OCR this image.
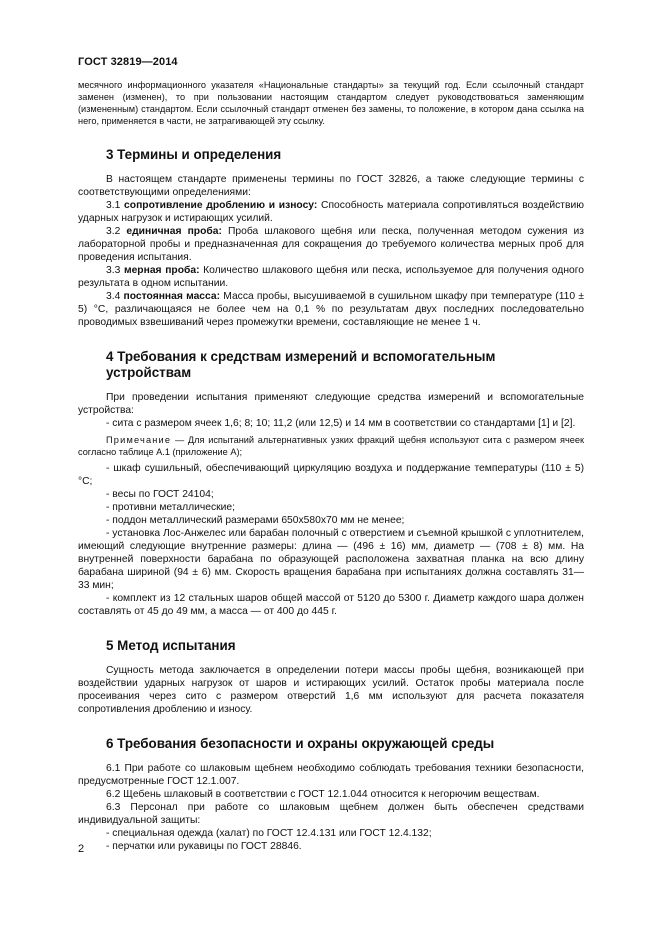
ГОСТ 32819—2014

месячного информационного указателя «Национальные стандарты» за текущий год. Если ссылочный стандарт заменен (изменен), то при пользовании настоящим стандартом следует руководствоваться заменяющим (измененным) стандартом. Если ссылочный стандарт отменен без замены, то положение, в котором дана ссылка на него, применяется в части, не затрагивающей эту ссылку.

3 Термины и определения

В настоящем стандарте применены термины по ГОСТ 32826, а также следующие термины с соответствующими определениями:

3.1 сопротивление дроблению и износу: Способность материала сопротивляться воздействию ударных нагрузок и истирающих усилий.

3.2 единичная проба: Проба шлакового щебня или песка, полученная методом сужения из лабораторной пробы и предназначенная для сокращения до требуемого количества мерных проб для проведения испытания.

3.3 мерная проба: Количество шлакового щебня или песка, используемое для получения одного результата в одном испытании.

3.4 постоянная масса: Масса пробы, высушиваемой в сушильном шкафу при температуре (110 ± 5) °С, различающаяся не более чем на 0,1 % по результатам двух последних последовательно проводимых взвешиваний через промежутки времени, составляющие не менее 1 ч.

4 Требования к средствам измерений и вспомогательным устройствам

При проведении испытания применяют следующие средства измерений и вспомогательные устройства:

- сита с размером ячеек 1,6; 8; 10; 11,2 (или 12,5) и 14 мм в соответствии со стандартами [1] и [2].

Примечание — Для испытаний альтернативных узких фракций щебня используют сита с размером ячеек согласно таблице А.1 (приложение А);

- шкаф сушильный, обеспечивающий циркуляцию воздуха и поддержание температуры (110 ± 5) °С;

- весы по ГОСТ 24104;

- противни металлические;

- поддон металлический размерами 650х580х70 мм не менее;

- установка Лос-Анжелес или барабан полочный с отверстием и съемной крышкой с уплотнителем, имеющий следующие внутренние размеры: длина — (496 ± 16) мм, диаметр — (708 ± 8) мм. На внутренней поверхности барабана по образующей расположена захватная планка на всю длину барабана шириной (94 ± 6) мм. Скорость вращения барабана при испытаниях должна составлять 31—33 мин;

- комплект из 12 стальных шаров общей массой от 5120 до 5300 г. Диаметр каждого шара должен составлять от 45 до 49 мм, а масса — от 400 до 445 г.

5 Метод испытания

Сущность метода заключается в определении потери массы пробы щебня, возникающей при воздействии ударных нагрузок от шаров и истирающих усилий. Остаток пробы материала после просеивания через сито с размером отверстий 1,6 мм используют для расчета показателя сопротивления дроблению и износу.

6 Требования безопасности и охраны окружающей среды

6.1 При работе со шлаковым щебнем необходимо соблюдать требования техники безопасности, предусмотренные ГОСТ 12.1.007.

6.2 Щебень шлаковый в соответствии с ГОСТ 12.1.044 относится к негорючим веществам.

6.3 Персонал при работе со шлаковым щебнем должен быть обеспечен средствами индивидуальной защиты:

- специальная одежда (халат) по ГОСТ 12.4.131 или ГОСТ 12.4.132;

- перчатки или рукавицы по ГОСТ 28846.

2
